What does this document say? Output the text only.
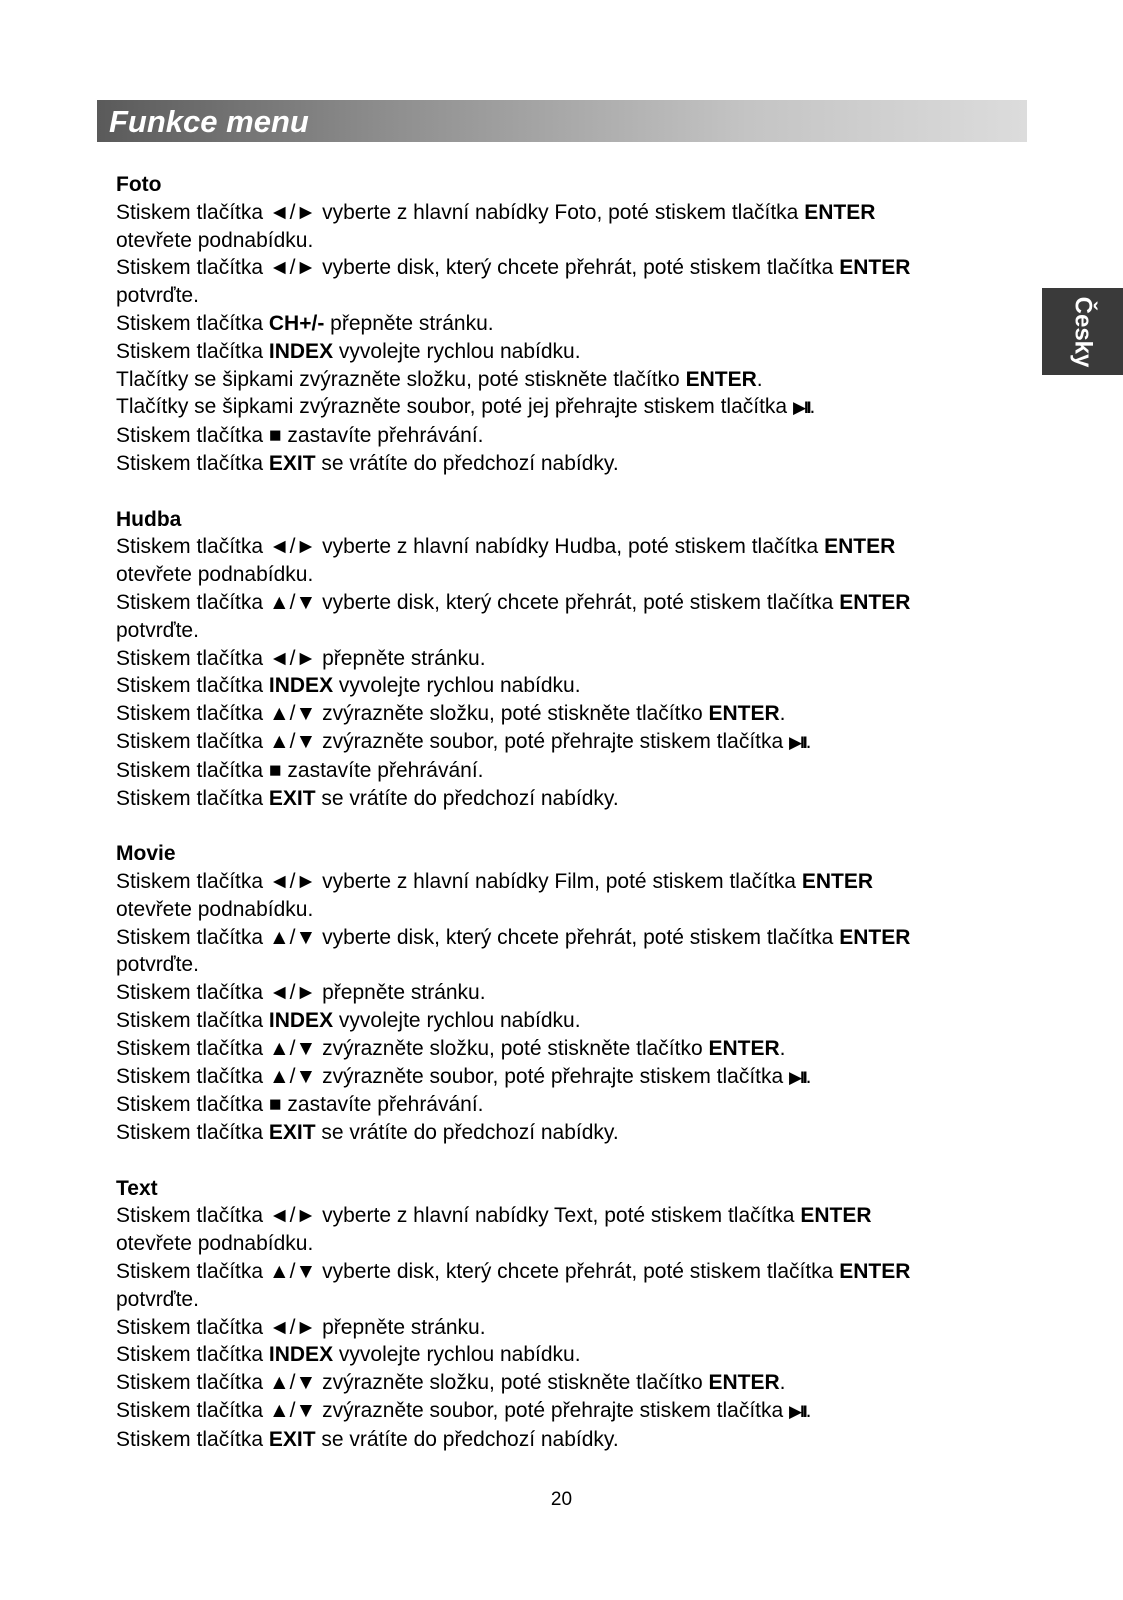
Funkce menu
Česky
Foto
Stiskem tlačítka ◄/► vyberte z hlavní nabídky Foto, poté stiskem tlačítka ENTER
otevřete podnabídku.
Stiskem tlačítka ◄/► vyberte disk, který chcete přehrát, poté stiskem tlačítka ENTER
potvrďte.
Stiskem tlačítka CH+/- přepněte stránku.
Stiskem tlačítka INDEX vyvolejte rychlou nabídku.
Tlačítky se šipkami zvýrazněte složku, poté stiskněte tlačítko ENTER.
Tlačítky se šipkami zvýrazněte soubor, poté jej přehrajte stiskem tlačítka ▶II.
Stiskem tlačítka ■ zastavíte přehrávání.
Stiskem tlačítka EXIT se vrátíte do předchozí nabídky.
Hudba
Stiskem tlačítka ◄/► vyberte z hlavní nabídky Hudba, poté stiskem tlačítka ENTER
otevřete podnabídku.
Stiskem tlačítka ▲/▼ vyberte disk, který chcete přehrát, poté stiskem tlačítka ENTER
potvrďte.
Stiskem tlačítka ◄/► přepněte stránku.
Stiskem tlačítka INDEX vyvolejte rychlou nabídku.
Stiskem tlačítka ▲/▼ zvýrazněte složku, poté stiskněte tlačítko ENTER.
Stiskem tlačítka ▲/▼ zvýrazněte soubor, poté přehrajte stiskem tlačítka ▶II.
Stiskem tlačítka ■ zastavíte přehrávání.
Stiskem tlačítka EXIT se vrátíte do předchozí nabídky.
Movie
Stiskem tlačítka ◄/► vyberte z hlavní nabídky Film, poté stiskem tlačítka ENTER
otevřete podnabídku.
Stiskem tlačítka ▲/▼ vyberte disk, který chcete přehrát, poté stiskem tlačítka ENTER
potvrďte.
Stiskem tlačítka ◄/► přepněte stránku.
Stiskem tlačítka INDEX vyvolejte rychlou nabídku.
Stiskem tlačítka ▲/▼ zvýrazněte složku, poté stiskněte tlačítko ENTER.
Stiskem tlačítka ▲/▼ zvýrazněte soubor, poté přehrajte stiskem tlačítka ▶II.
Stiskem tlačítka ■ zastavíte přehrávání.
Stiskem tlačítka EXIT se vrátíte do předchozí nabídky.
Text
Stiskem tlačítka ◄/► vyberte z hlavní nabídky Text, poté stiskem tlačítka ENTER
otevřete podnabídku.
Stiskem tlačítka ▲/▼ vyberte disk, který chcete přehrát, poté stiskem tlačítka ENTER
potvrďte.
Stiskem tlačítka ◄/► přepněte stránku.
Stiskem tlačítka INDEX vyvolejte rychlou nabídku.
Stiskem tlačítka ▲/▼ zvýrazněte složku, poté stiskněte tlačítko ENTER.
Stiskem tlačítka ▲/▼ zvýrazněte soubor, poté přehrajte stiskem tlačítka ▶II.
Stiskem tlačítka EXIT se vrátíte do předchozí nabídky.
20
